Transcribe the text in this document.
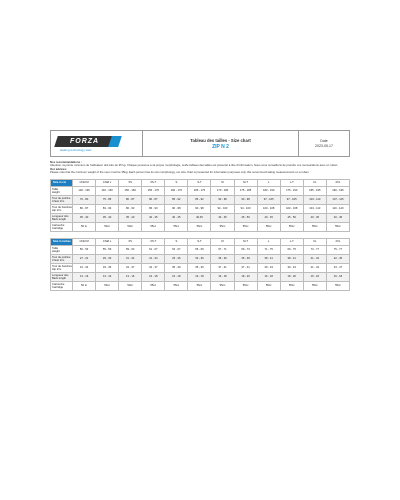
FORZA
skating technology start
Tableau des tailles - Size chart
ZIP N 2
Date
2023-05-17
Nos recommandations :
Attention, la pointe minimum de l'utilisateur doit être de 35 kg. Chaque personne a sa propre morphologie, cet/le tableau des tailles est présenté à titre d'information. Nous vous conseillons de prendre vos mensurations avec un ruban.
Our advices:
Please note that the minimum weight of the user must be 35kg. Each person has its own morphology, our size chart is presented for information purposes only. We recommend taking measurements on a ruban.
Size in cm	Child M	Child L	XS	XS-T	S	S-T	M	M-T	L	L-T	XL	2XL
Taille
Height	130 - 136	140 - 150	150 - 160	155 - 170	160 - 170	165 - 175	170 - 180	175 - 185	180 - 190	175 - 190	185 - 195	190 - 195
Tour de poitrine
Chest trim	70 - 80	75 - 85	80 - 87	80 - 87	85 - 92	85 - 92	90 - 98	90 - 98	97 - 105	97 - 105	103 - 110	107 - 115
Tour de hanches
Hip trim	80 - 87	83 - 90	86 - 93	86 - 93	90 - 98	90 - 98	94 - 103	94 - 103	100 - 108	100 - 108	104 - 113	110 - 120
Longueur dos
Back length	35 - 40	35 - 40	35 - 40	40 - 45	40 - 45	40,45	40 - 45	45 - 50	40 - 45	45 - 50	40 - 45	40 - 45
Cartouche
Cartridge	50 to	50cc	50cc	55cc	55cc	55cc	55cc	55cc	55cc	55cc	55cc	55cc
Size in inches	Child M	Child L	XS	XS-T	S	S-T	M	M-T	L	L-T	XL	2XL
Taille
Height	50 - 53	55 - 59	59 - 63	61 - 67	63 - 67	65 - 69	67 - 71	69 - 73	71 - 75	69 - 75	73 - 77	75 - 77
Tour de poitrine
Chest trim	27 - 31	29 - 33	31 - 34	31 - 34	33 - 36	33 - 36	35 - 39	35 - 39	38 - 41	38 - 41	41 - 43	42 - 45
Tour de hanches
Hip trim	31 - 34	33 - 35	34 - 37	34 - 37	35 - 39	35 - 39	37 - 41	37 - 41	39 - 43	39 - 43	41 - 44	43 - 47
Longueur dos
Back length	13 - 16	13 - 16	13 - 16	16 - 18	16 - 18	16 - 18	16 - 18	18 - 20	16 - 18	18 - 20	16 - 18	16 - 18
Cartouche
Cartridge	50 to	50cc	50cc	55cc	55cc	55cc	55cc	55cc	55cc	55cc	55cc	55cc
